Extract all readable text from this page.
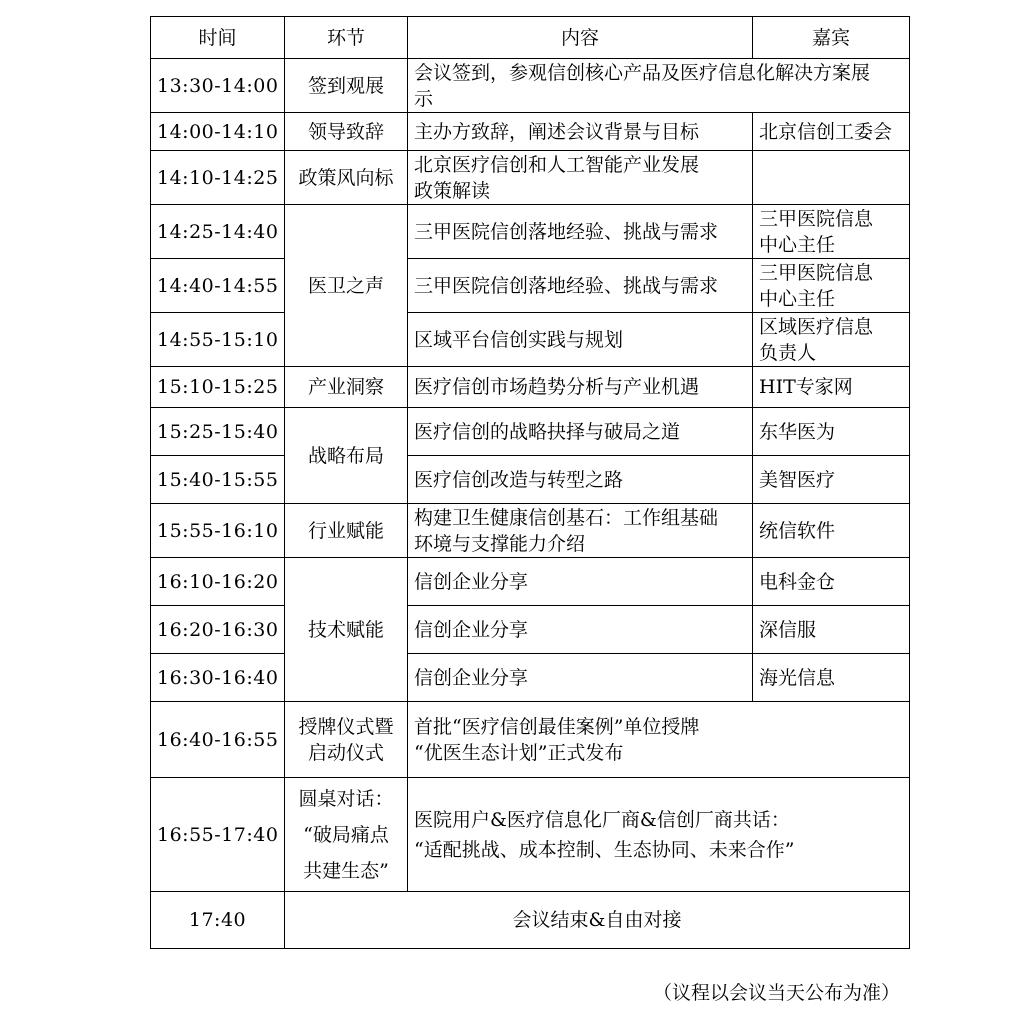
时间	环节	内容	嘉宾
13:30-14:00	签到观展	会议签到，参观信创核心产品及医疗信息化解决方案展
示	

14:00-14:10	领导致辞	主办方致辞，阐述会议背景与目标	北京信创工委会

14:10-14:25	政策风向标	北京医疗信创和人工智能产业发展
政策解读	

14:25-14:40	医卫之声	三甲医院信创落地经验、挑战与需求	三甲医院信息
中心主任

14:40-14:55		三甲医院信创落地经验、挑战与需求	三甲医院信息
中心主任

14:55-15:10		区域平台信创实践与规划	区域医疗信息
负责人

15:10-15:25	产业洞察	医疗信创市场趋势分析与产业机遇	HIT专家网

15:25-15:40	战略布局	医疗信创的战略抉择与破局之道	东华医为

15:40-15:55		医疗信创改造与转型之路	美智医疗

15:55-16:10	行业赋能	构建卫生健康信创基石：工作组基础
环境与支撑能力介绍	统信软件

16:10-16:20	技术赋能	信创企业分享	电科金仓

16:20-16:30		信创企业分享	深信服

16:30-16:40		信创企业分享	海光信息

16:40-16:55	授牌仪式暨
启动仪式	首批“医疗信创最佳案例”单位授牌
“优医生态计划”正式发布	

16:55-17:40	圆桌对话：
“破局痛点
共建生态”	医院用户&医疗信息化厂商&信创厂商共话：
“适配挑战、成本控制、生态协同、未来合作”	

17:40	会议结束&自由对接		
（议程以会议当天公布为准）
